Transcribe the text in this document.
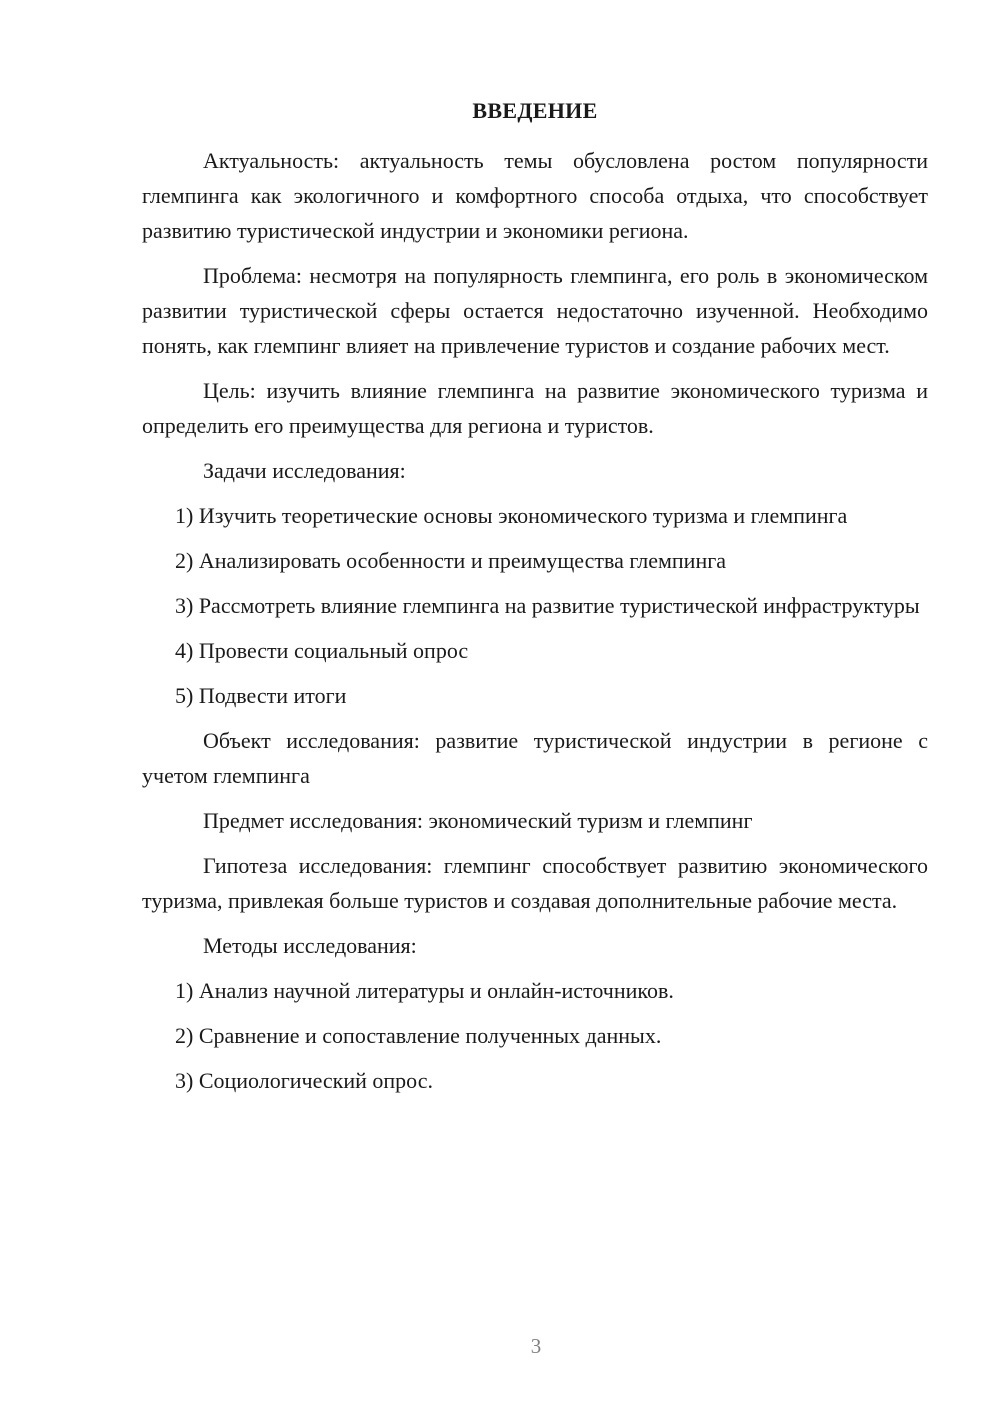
ВВЕДЕНИЕ

Актуальность: актуальность темы обусловлена ростом популярности глемпинга как экологичного и комфортного способа отдыха, что способствует развитию туристической индустрии и экономики региона.

Проблема: несмотря на популярность глемпинга, его роль в экономическом развитии туристической сферы остается недостаточно изученной. Необходимо понять, как глемпинг влияет на привлечение туристов и создание рабочих мест.

Цель: изучить влияние глемпинга на развитие экономического туризма и определить его преимущества для региона и туристов.

Задачи исследования:

1) Изучить теоретические основы экономического туризма и глемпинга

2) Анализировать особенности и преимущества глемпинга

3) Рассмотреть влияние глемпинга на развитие туристической инфраструктуры

4) Провести социальный опрос

5) Подвести итоги

Объект исследования: развитие туристической индустрии в регионе с учетом глемпинга

Предмет исследования: экономический туризм и глемпинг

Гипотеза исследования: глемпинг способствует развитию экономического туризма, привлекая больше туристов и создавая дополнительные рабочие места.

Методы исследования:

1) Анализ научной литературы и онлайн-источников.

2) Сравнение и сопоставление полученных данных.

3) Социологический опрос.

3
